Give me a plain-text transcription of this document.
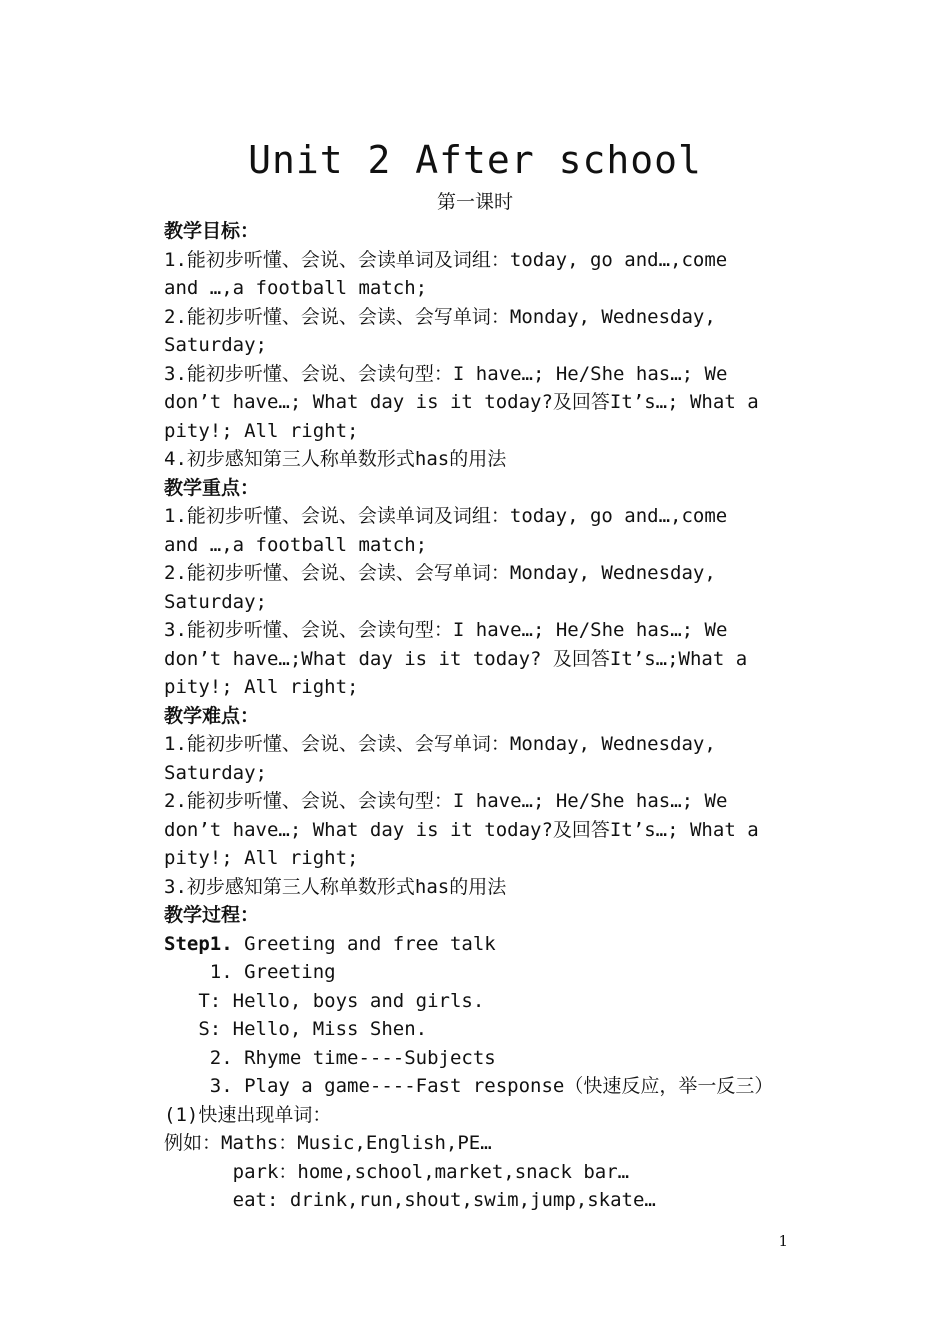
Unit 2 After school
第一课时
教学目标：
1.能初步听懂、会说、会读单词及词组：today, go and…,come
and …,a football match;
2.能初步听懂、会说、会读、会写单词：Monday, Wednesday,
Saturday;
3.能初步听懂、会说、会读句型：I have…; He/She has…; We
don’t have…; What day is it today?及回答It’s…; What a
pity!; All right;
4.初步感知第三人称单数形式has的用法
教学重点：
1.能初步听懂、会说、会读单词及词组：today, go and…,come
and …,a football match;
2.能初步听懂、会说、会读、会写单词：Monday, Wednesday,
Saturday;
3.能初步听懂、会说、会读句型：I have…; He/She has…; We
don’t have…;What day is it today? 及回答It’s…;What a
pity!; All right;
教学难点：
1.能初步听懂、会说、会读、会写单词：Monday, Wednesday,
Saturday;
2.能初步听懂、会说、会读句型：I have…; He/She has…; We
don’t have…; What day is it today?及回答It’s…; What a
pity!; All right;
3.初步感知第三人称单数形式has的用法
教学过程：
Step1. Greeting and free talk
1. Greeting
T: Hello, boys and girls.
S: Hello, Miss Shen.
2. Rhyme time----Subjects
3. Play a game----Fast response（快速反应，举一反三）
(1)快速出现单词：
例如：Maths：Music,English,PE…
park：home,school,market,snack bar…
eat: drink,run,shout,swim,jump,skate…
1
